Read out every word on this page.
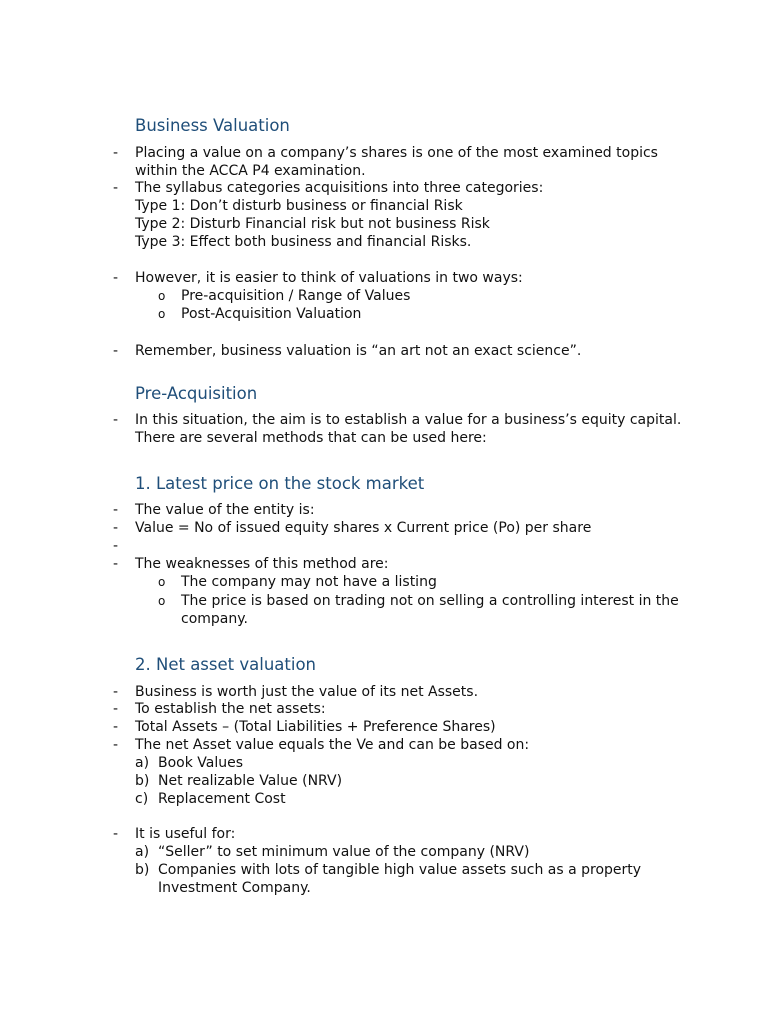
Business Valuation
- Placing a value on a company’s shares is one of the most examined topics
within the ACCA P4 examination.
- The syllabus categories acquisitions into three categories:
Type 1: Don’t disturb business or financial Risk
Type 2: Disturb Financial risk but not business Risk
Type 3: Effect both business and financial Risks.
- However, it is easier to think of valuations in two ways:
o Pre-acquisition / Range of Values
o Post-Acquisition Valuation
- Remember, business valuation is “an art not an exact science”.
Pre-Acquisition
- In this situation, the aim is to establish a value for a business’s equity capital.
There are several methods that can be used here:
1. Latest price on the stock market
- The value of the entity is:
- Value = No of issued equity shares x Current price (Po) per share
-
- The weaknesses of this method are:
o The company may not have a listing
o The price is based on trading not on selling a controlling interest in the
company.
2. Net asset valuation
- Business is worth just the value of its net Assets.
- To establish the net assets:
- Total Assets – (Total Liabilities + Preference Shares)
- The net Asset value equals the Ve and can be based on:
a) Book Values
b) Net realizable Value (NRV)
c) Replacement Cost
- It is useful for:
a) “Seller” to set minimum value of the company (NRV)
b) Companies with lots of tangible high value assets such as a property
Investment Company.
